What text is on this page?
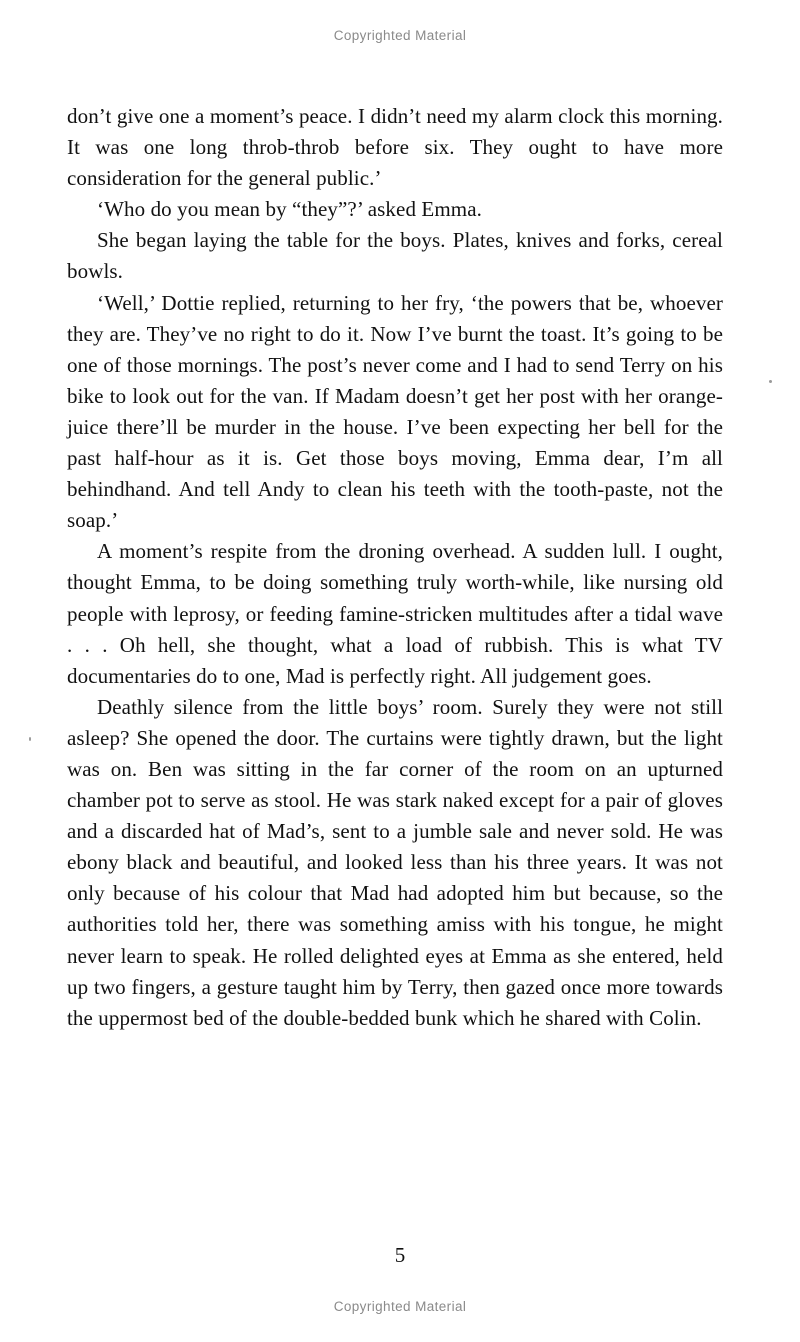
Copyrighted Material

don’t give one a moment’s peace. I didn’t need my alarm clock this morning. It was one long throb-throb before six. They ought to have more consideration for the general public.’

‘Who do you mean by “they”?’ asked Emma.

She began laying the table for the boys. Plates, knives and forks, cereal bowls.

‘Well,’ Dottie replied, returning to her fry, ‘the powers that be, whoever they are. They’ve no right to do it. Now I’ve burnt the toast. It’s going to be one of those mornings. The post’s never come and I had to send Terry on his bike to look out for the van. If Madam doesn’t get her post with her orange-juice there’ll be murder in the house. I’ve been expecting her bell for the past half-hour as it is. Get those boys moving, Emma dear, I’m all behindhand. And tell Andy to clean his teeth with the tooth-paste, not the soap.’

A moment’s respite from the droning overhead. A sudden lull. I ought, thought Emma, to be doing something truly worth-while, like nursing old people with leprosy, or feeding famine-stricken multitudes after a tidal wave . . . Oh hell, she thought, what a load of rubbish. This is what TV documentaries do to one, Mad is perfectly right. All judgement goes.

Deathly silence from the little boys’ room. Surely they were not still asleep? She opened the door. The curtains were tightly drawn, but the light was on. Ben was sitting in the far corner of the room on an upturned chamber pot to serve as stool. He was stark naked except for a pair of gloves and a discarded hat of Mad’s, sent to a jumble sale and never sold. He was ebony black and beautiful, and looked less than his three years. It was not only because of his colour that Mad had adopted him but because, so the authorities told her, there was something amiss with his tongue, he might never learn to speak. He rolled delighted eyes at Emma as she entered, held up two fingers, a gesture taught him by Terry, then gazed once more towards the uppermost bed of the double-bedded bunk which he shared with Colin.

5
Copyrighted Material
